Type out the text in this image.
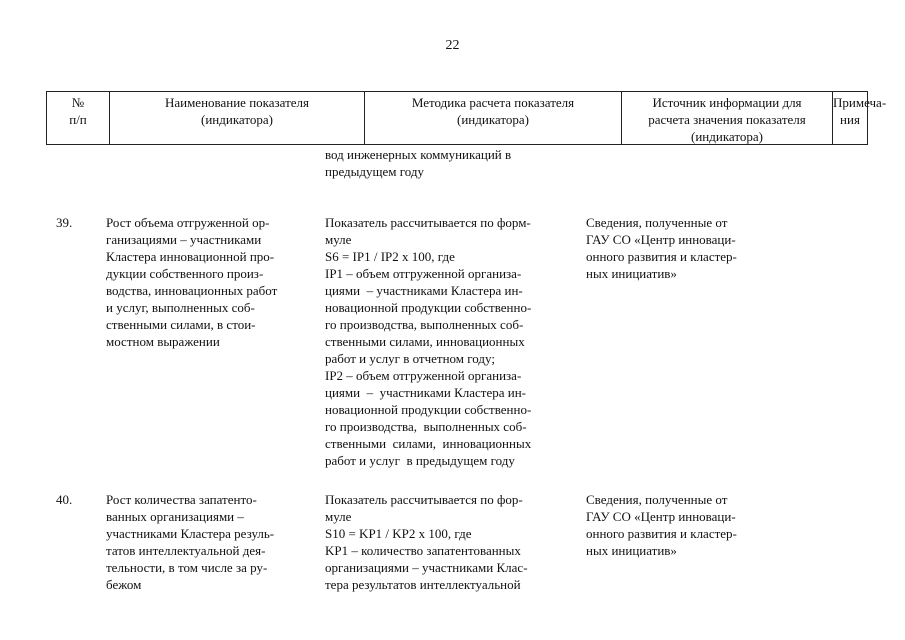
22
№
п/п
Наименование показателя
(индикатора)
Методика расчета показателя
(индикатора)
Источник информации для
расчета значения показателя
(индикатора)
Примеча-
ния
вод инженерных коммуникаций в
предыдущем году
39.	Рост объема отгруженной ор-
ганизациями – участниками
Кластера инновационной про-
дукции собственного произ-
водства, инновационных работ
и услуг, выполненных соб-
ственными силами, в стои-
мостном выражении
Показатель рассчитывается по форм-
муле
S6 = IP1 / IP2 x 100, где
IP1 – объем отгруженной организа-
циями  – участниками Кластера ин-
новационной продукции собственно-
го производства, выполненных соб-
ственными силами, инновационных
работ и услуг в отчетном году;
IP2 – объем отгруженной организа-
циями  –  участниками Кластера ин-
новационной продукции собственно-
го производства,  выполненных соб-
ственными  силами,  инновационных
работ и услуг  в предыдущем году
Сведения, полученные от
ГАУ СО «Центр инноваци-
онного развития и кластер-
ных инициатив»
40.	Рост количества запатенто-
ванных организациями –
участниками Кластера резуль-
татов интеллектуальной дея-
тельности, в том числе за ру-
бежом
Показатель рассчитывается по фор-
муле
S10 = KP1 / KP2 x 100, где
KP1 – количество запатентованных
организациями – участниками Клас-
тера результатов интеллектуальной
Сведения, полученные от
ГАУ СО «Центр инноваци-
онного развития и кластер-
ных инициатив»
